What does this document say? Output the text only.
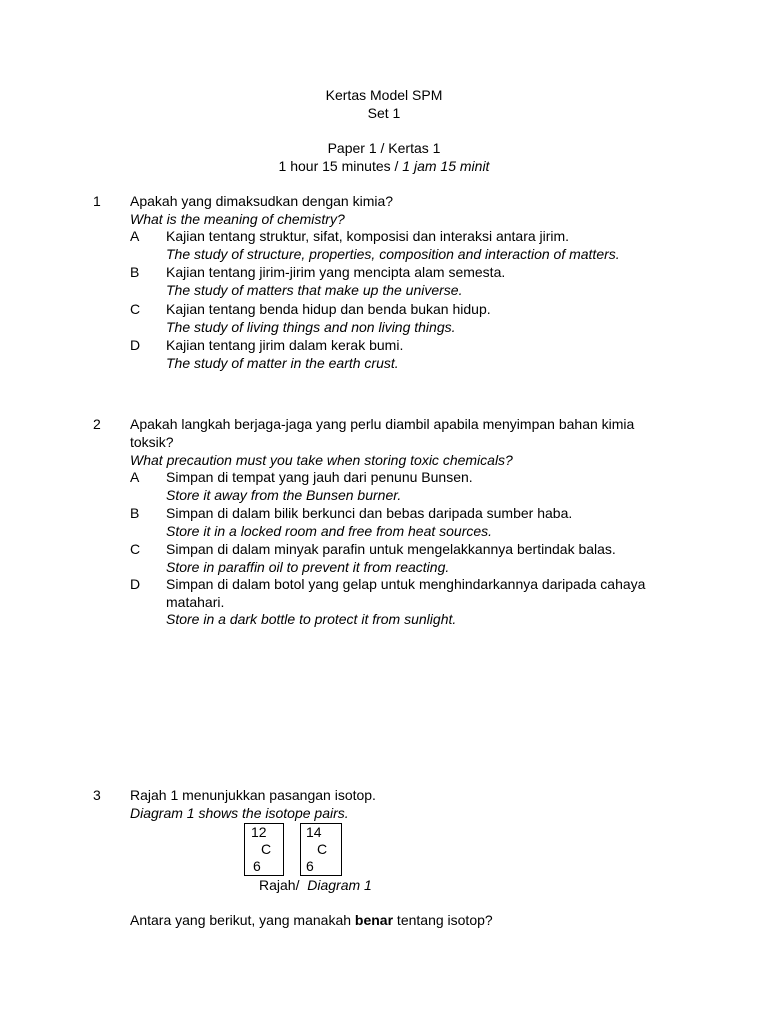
Kertas Model SPM
Set 1
Paper 1 / Kertas 1
1 hour 15 minutes / 1 jam 15 minit
1 Apakah yang dimaksudkan dengan kimia?
What is the meaning of chemistry?
A Kajian tentang struktur, sifat, komposisi dan interaksi antara jirim.
The study of structure, properties, composition and interaction of matters.
B Kajian tentang jirim-jirim yang mencipta alam semesta.
The study of matters that make up the universe.
C Kajian tentang benda hidup dan benda bukan hidup.
The study of living things and non living things.
D Kajian tentang jirim dalam kerak bumi.
The study of matter in the earth crust.
2 Apakah langkah berjaga-jaga yang perlu diambil apabila menyimpan bahan kimia
toksik?
What precaution must you take when storing toxic chemicals?
A Simpan di tempat yang jauh dari penunu Bunsen.
Store it away from the Bunsen burner.
B Simpan di dalam bilik berkunci dan bebas daripada sumber haba.
Store it in a locked room and free from heat sources.
C Simpan di dalam minyak parafin untuk mengelakkannya bertindak balas.
Store in paraffin oil to prevent it from reacting.
D Simpan di dalam botol yang gelap untuk menghindarkannya daripada cahaya
matahari.
Store in a dark bottle to protect it from sunlight.
3 Rajah 1 menunjukkan pasangan isotop.
Diagram 1 shows the isotope pairs.
12
C
6
14
C
6
Rajah/ Diagram 1
Antara yang berikut, yang manakah benar tentang isotop?
